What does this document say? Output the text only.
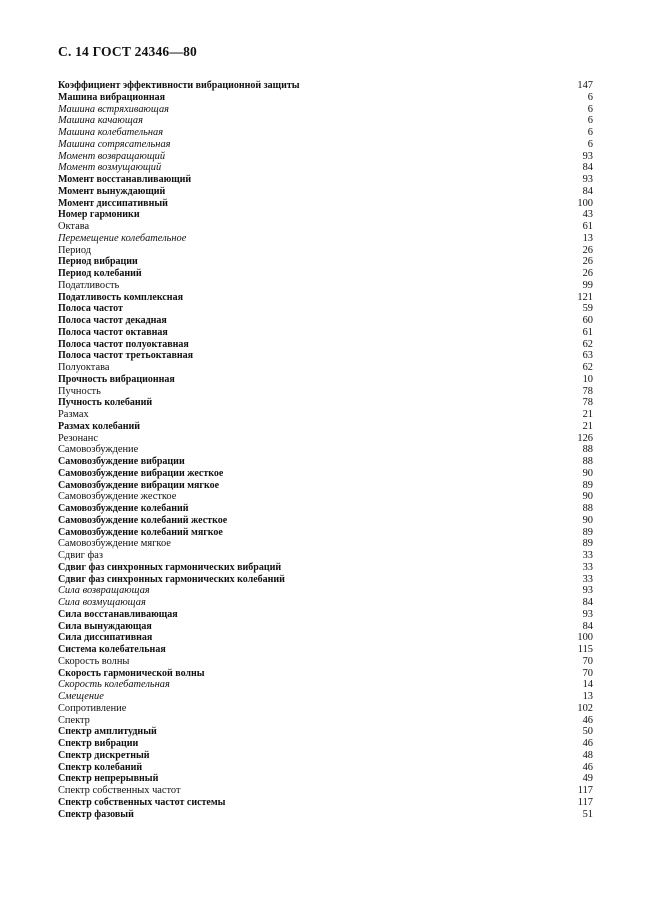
С. 14 ГОСТ 24346—80
Коэффициент эффективности вибрационной защиты	147
Машина вибрационная	6
Машина встряхивающая	6
Машина качающая	6
Машина колебательная	6
Машина сотрясательная	6
Момент возвращающий	93
Момент возмущающий	84
Момент восстанавливающий	93
Момент вынуждающий	84
Момент диссипативный	100
Номер гармоники	43
Октава	61
Перемещение колебательное	13
Период	26
Период вибрации	26
Период колебаний	26
Податливость	99
Податливость комплексная	121
Полоса частот	59
Полоса частот декадная	60
Полоса частот октавная	61
Полоса частот полуоктавная	62
Полоса частот третьоктавная	63
Полуоктава	62
Прочность вибрационная	10
Пучность	78
Пучность колебаний	78
Размах	21
Размах колебаний	21
Резонанс	126
Самовозбуждение	88
Самовозбуждение вибрации	88
Самовозбуждение вибрации жесткое	90
Самовозбуждение вибрации мягкое	89
Самовозбуждение жесткое	90
Самовозбуждение колебаний	88
Самовозбуждение колебаний жесткое	90
Самовозбуждение колебаний мягкое	89
Самовозбуждение мягкое	89
Сдвиг фаз	33
Сдвиг фаз синхронных гармонических вибраций	33
Сдвиг фаз синхронных гармонических колебаний	33
Сила возвращающая	93
Сила возмущающая	84
Сила восстанавливающая	93
Сила вынуждающая	84
Сила диссипативная	100
Система колебательная	115
Скорость волны	70
Скорость гармонической волны	70
Скорость колебательная	14
Смещение	13
Сопротивление	102
Спектр	46
Спектр амплитудный	50
Спектр вибрации	46
Спектр дискретный	48
Спектр колебаний	46
Спектр непрерывный	49
Спектр собственных частот	117
Спектр собственных частот системы	117
Спектр фазовый	51
